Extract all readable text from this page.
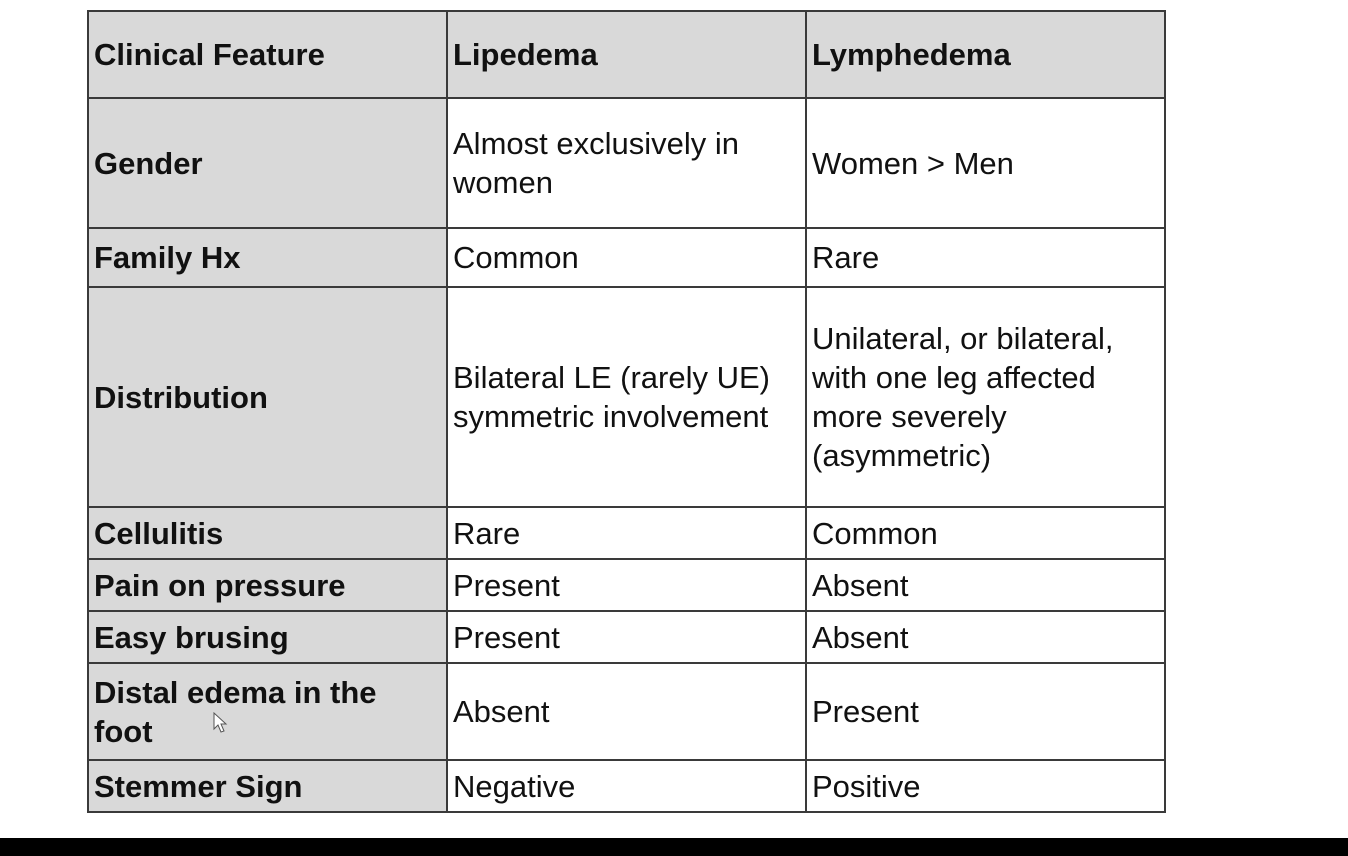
Clinical Feature	Lipedema	Lymphedema
Gender	Almost exclusively in women	Women > Men
Family Hx	Common	Rare
Distribution	Bilateral LE (rarely UE) symmetric involvement	Unilateral, or bilateral, with one leg affected more severely (asymmetric)
Cellulitis	Rare	Common
Pain on pressure	Present	Absent
Easy brusing	Present	Absent
Distal edema in the foot	Absent	Present
Stemmer Sign	Negative	Positive
